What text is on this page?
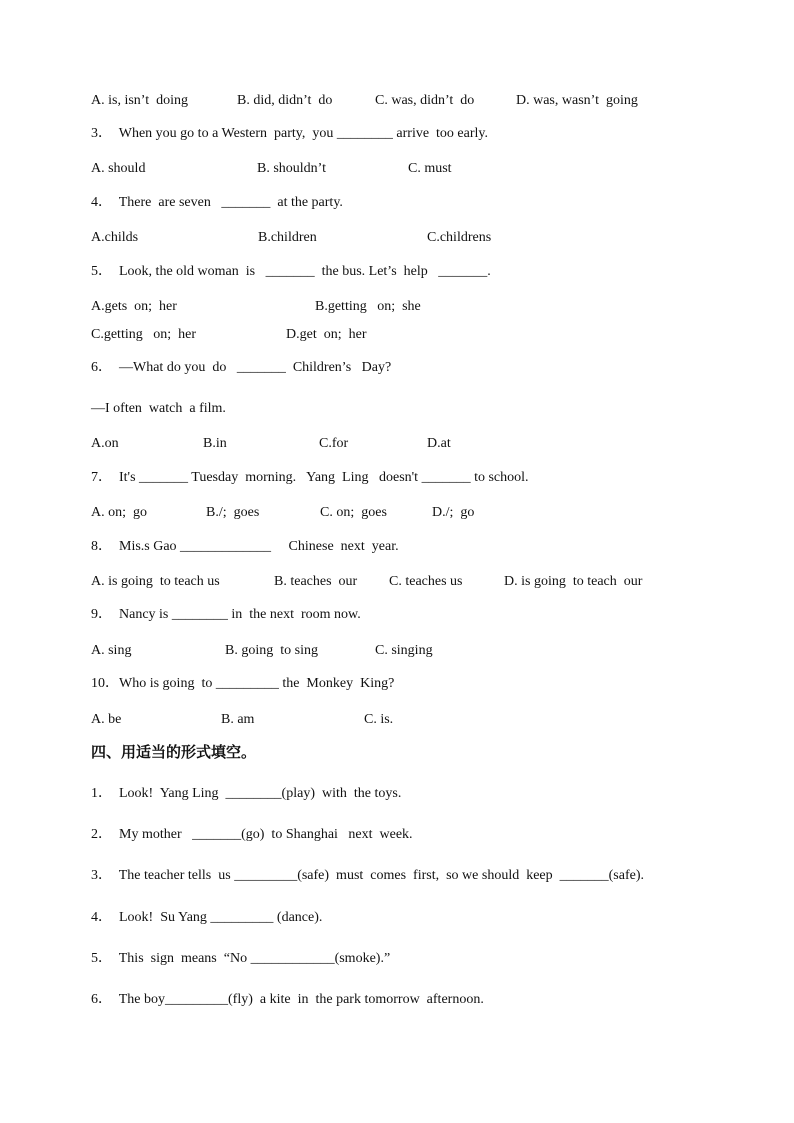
A. is, isn’t  doing	B. did, didn’t  do	C. was, didn’t  do	D. was, wasn’t  going
3．  When you go to a Western  party,  you ________ arrive  too early.
A. should	B. shouldn’t	C. must
4．  There  are seven   _______  at the party.
A.childs	B.children	C.childrens
5．  Look, the old woman  is   _______  the bus. Let’s  help   _______.
A.gets  on;  her	B.getting   on;  she
C.getting   on;  her	D.get  on;  her
6．  —What do you  do   _______  Children’s   Day?
—I often  watch  a film.
A.on	B.in	C.for	D.at
7．  It's _______ Tuesday  morning.   Yang  Ling   doesn't _______ to school.
A. on;  go	B./;  goes	C. on;  goes	D./;  go
8．  Mis.s Gao _____________     Chinese  next  year.
A. is going  to teach us	B. teaches  our C. teaches us	D. is going  to teach  our
9．  Nancy is ________ in  the next  room now.
A. sing	B. going  to sing	C. singing
10．Who is going  to _________ the  Monkey  King?
A. be	B. am	C. is.
四、用适当的形式填空。
1．  Look!  Yang Ling  ________(play)  with  the toys.
2．  My mother   _______(go)  to Shanghai   next  week.
3．  The teacher tells  us _________(safe)  must  comes  first,  so we should  keep  _______(safe).
4．  Look!  Su Yang _________ (dance).
5．  This  sign  means  “No ____________(smoke).”
6．  The boy_________(fly)  a kite  in  the park tomorrow  afternoon.
